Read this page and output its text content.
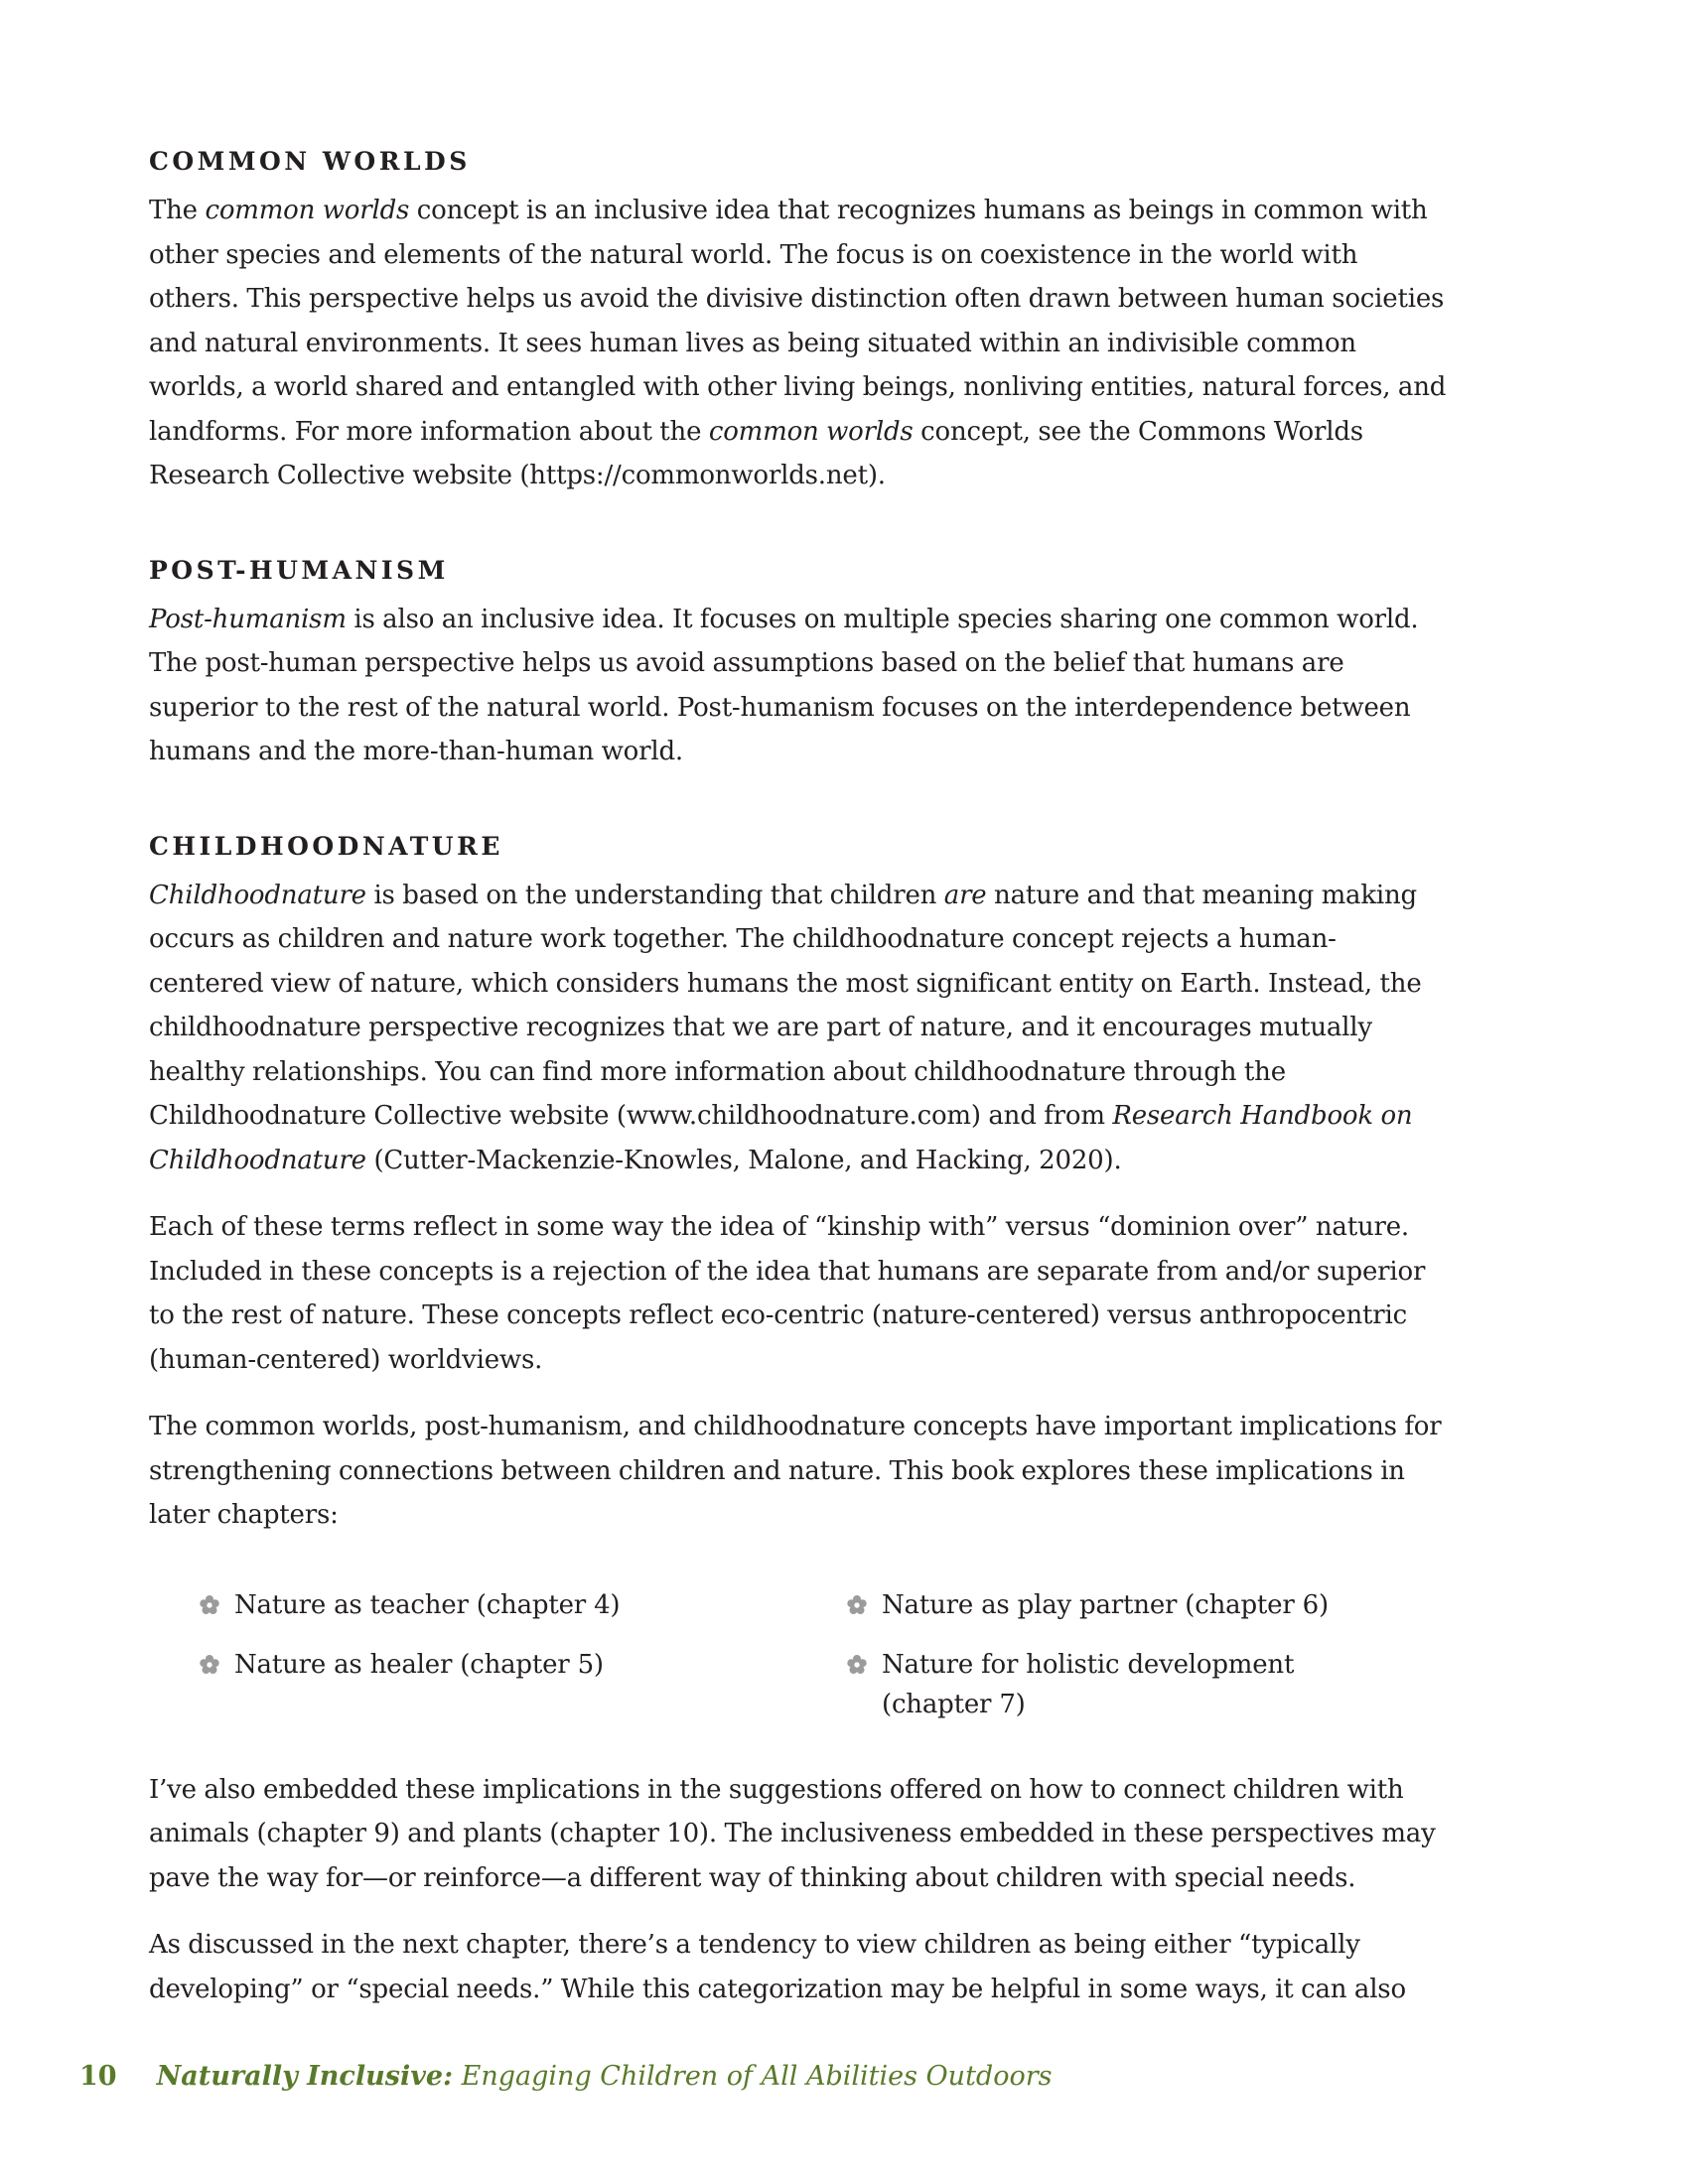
COMMON WORLDS

The common worlds concept is an inclusive idea that recognizes humans as beings in common with other species and elements of the natural world. The focus is on coexistence in the world with others. This perspective helps us avoid the divisive distinction often drawn between human societies and natural environments. It sees human lives as being situated within an indivisible common worlds, a world shared and entangled with other living beings, nonliving entities, natural forces, and landforms. For more information about the common worlds concept, see the Commons Worlds Research Collective website (https://commonworlds.net).

POST-HUMANISM

Post-humanism is also an inclusive idea. It focuses on multiple species sharing one common world. The post-human perspective helps us avoid assumptions based on the belief that humans are superior to the rest of the natural world. Post-humanism focuses on the interdependence between humans and the more-than-human world.

CHILDHOODNATURE

Childhoodnature is based on the understanding that children are nature and that meaning making occurs as children and nature work together. The childhoodnature concept rejects a human-centered view of nature, which considers humans the most significant entity on Earth. Instead, the childhoodnature perspective recognizes that we are part of nature, and it encourages mutually healthy relationships. You can find more information about childhoodnature through the Childhoodnature Collective website (www.childhoodnature.com) and from Research Handbook on Childhoodnature (Cutter-Mackenzie-Knowles, Malone, and Hacking, 2020).

Each of these terms reflect in some way the idea of “kinship with” versus “dominion over” nature. Included in these concepts is a rejection of the idea that humans are separate from and/or superior to the rest of nature. These concepts reflect eco-centric (nature-centered) versus anthropocentric (human-centered) worldviews.

The common worlds, post-humanism, and childhoodnature concepts have important implications for strengthening connections between children and nature. This book explores these implications in later chapters:

Nature as teacher (chapter 4)	Nature as play partner (chapter 6)
Nature as healer (chapter 5)	Nature for holistic development (chapter 7)

I’ve also embedded these implications in the suggestions offered on how to connect children with animals (chapter 9) and plants (chapter 10). The inclusiveness embedded in these perspectives may pave the way for—or reinforce—a different way of thinking about children with special needs.

As discussed in the next chapter, there’s a tendency to view children as being either “typically developing” or “special needs.” While this categorization may be helpful in some ways, it can also

10 Naturally Inclusive:
Engaging Children of All Abilities Outdoors
